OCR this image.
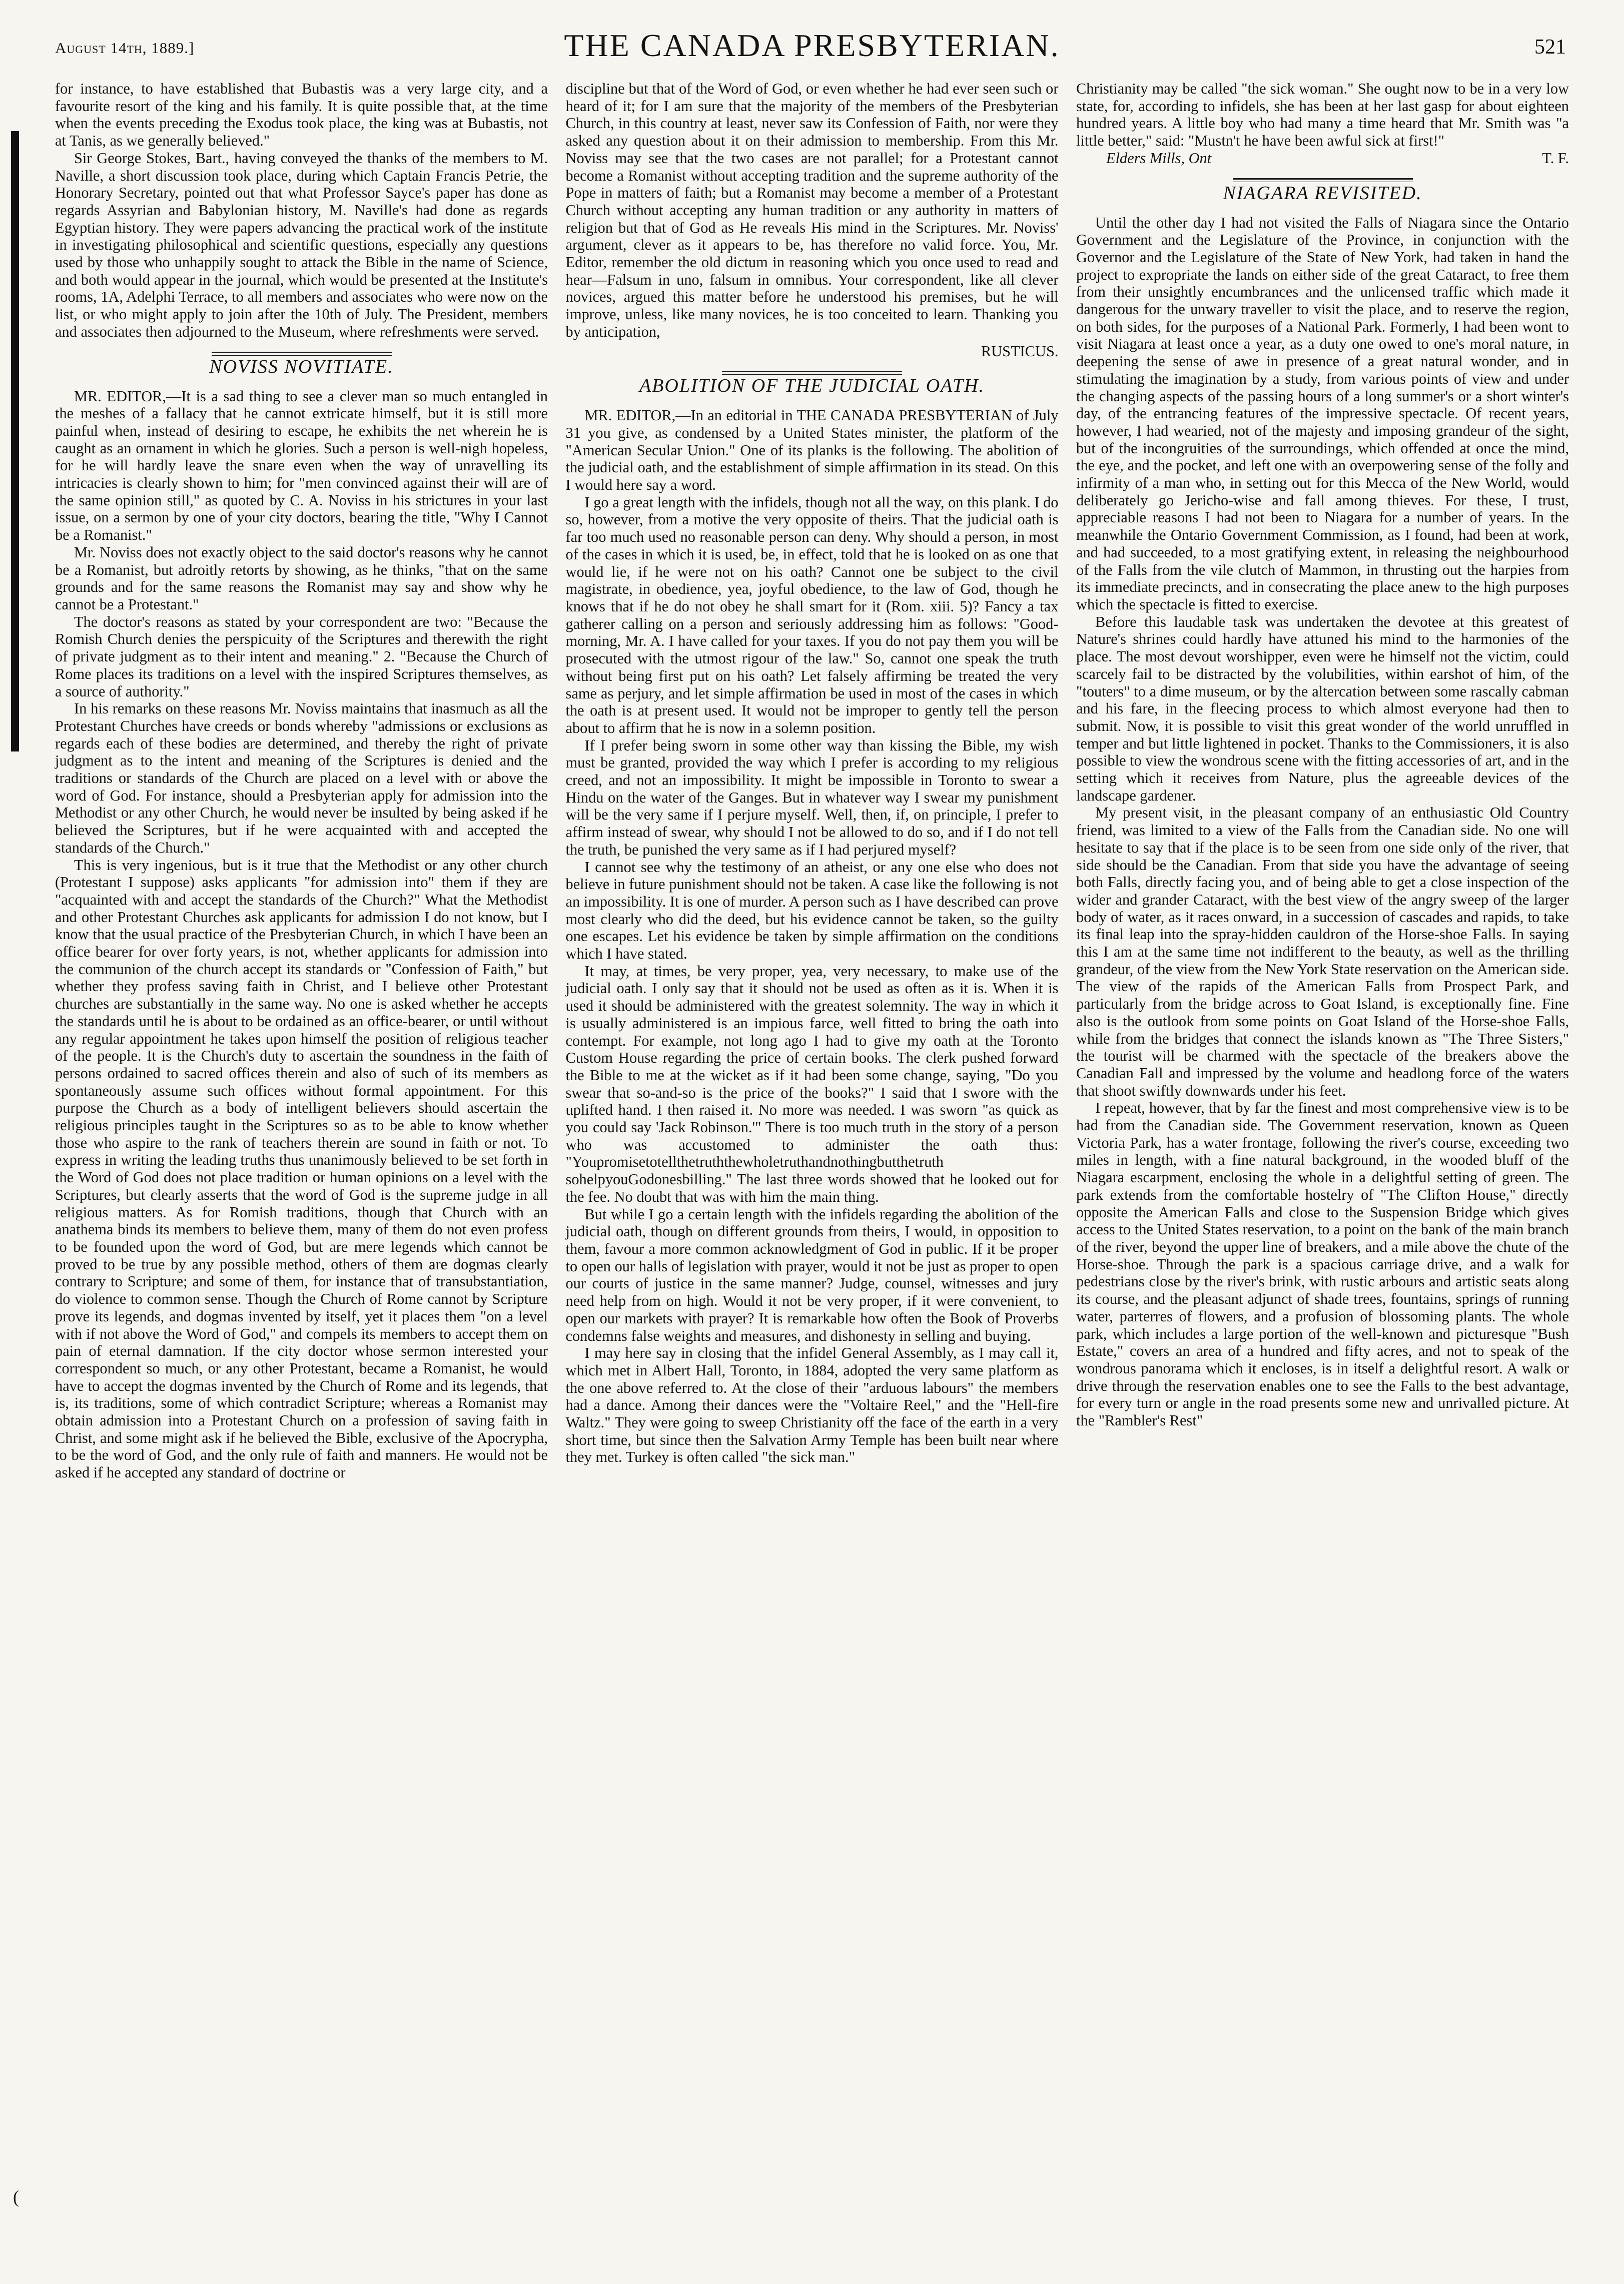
(
August 14th, 1889.]	THE CANADA PRESBYTERIAN.	521

for instance, to have established that Bubastis was a very large city, and a favourite resort of the king and his family. It is quite possible that, at the time when the events preceding the Exodus took place, the king was at Bubastis, not at Tanis, as we generally believed."

Sir George Stokes, Bart., having conveyed the thanks of the members to M. Naville, a short discussion took place, during which Captain Francis Petrie, the Honorary Secretary, pointed out that what Professor Sayce's paper has done as regards Assyrian and Babylonian history, M. Naville's had done as regards Egyptian history. They were papers advancing the practical work of the institute in investigating philosophical and scientific questions, especially any questions used by those who unhappily sought to attack the Bible in the name of Science, and both would appear in the journal, which would be presented at the Institute's rooms, 1A, Adelphi Terrace, to all members and associates who were now on the list, or who might apply to join after the 10th of July. The President, members and associates then adjourned to the Museum, where refreshments were served.

NOVISS NOVITIATE.

MR. EDITOR,—It is a sad thing to see a clever man so much entangled in the meshes of a fallacy that he cannot extricate himself, but it is still more painful when, instead of desiring to escape, he exhibits the net wherein he is caught as an ornament in which he glories. Such a person is well-nigh hopeless, for he will hardly leave the snare even when the way of unravelling its intricacies is clearly shown to him; for "men convinced against their will are of the same opinion still," as quoted by C. A. Noviss in his strictures in your last issue, on a sermon by one of your city doctors, bearing the title, "Why I Cannot be a Romanist."

Mr. Noviss does not exactly object to the said doctor's reasons why he cannot be a Romanist, but adroitly retorts by showing, as he thinks, "that on the same grounds and for the same reasons the Romanist may say and show why he cannot be a Protestant."

The doctor's reasons as stated by your correspondent are two: "Because the Romish Church denies the perspicuity of the Scriptures and therewith the right of private judgment as to their intent and meaning." 2. "Because the Church of Rome places its traditions on a level with the inspired Scriptures themselves, as a source of authority."

In his remarks on these reasons Mr. Noviss maintains that inasmuch as all the Protestant Churches have creeds or bonds whereby "admissions or exclusions as regards each of these bodies are determined, and thereby the right of private judgment as to the intent and meaning of the Scriptures is denied and the traditions or standards of the Church are placed on a level with or above the word of God. For instance, should a Presbyterian apply for admission into the Methodist or any other Church, he would never be insulted by being asked if he believed the Scriptures, but if he were acquainted with and accepted the standards of the Church."

This is very ingenious, but is it true that the Methodist or any other church (Protestant I suppose) asks applicants "for admission into" them if they are "acquainted with and accept the standards of the Church?" What the Methodist and other Protestant Churches ask applicants for admission I do not know, but I know that the usual practice of the Presbyterian Church, in which I have been an office bearer for over forty years, is not, whether applicants for admission into the communion of the church accept its standards or "Confession of Faith," but whether they profess saving faith in Christ, and I believe other Protestant churches are substantially in the same way. No one is asked whether he accepts the standards until he is about to be ordained as an office-bearer, or until without any regular appointment he takes upon himself the position of religious teacher of the people. It is the Church's duty to ascertain the soundness in the faith of persons ordained to sacred offices therein and also of such of its members as spontaneously assume such offices without formal appointment. For this purpose the Church as a body of intelligent believers should ascertain the religious principles taught in the Scriptures so as to be able to know whether those who aspire to the rank of teachers therein are sound in faith or not. To express in writing the leading truths thus unanimously believed to be set forth in the Word of God does not place tradition or human opinions on a level with the Scriptures, but clearly asserts that the word of God is the supreme judge in all religious matters. As for Romish traditions, though that Church with an anathema binds its members to believe them, many of them do not even profess to be founded upon the word of God, but are mere legends which cannot be proved to be true by any possible method, others of them are dogmas clearly contrary to Scripture; and some of them, for instance that of transubstantiation, do violence to common sense. Though the Church of Rome cannot by Scripture prove its legends, and dogmas invented by itself, yet it places them "on a level with if not above the Word of God," and compels its members to accept them on pain of eternal damnation. If the city doctor whose sermon interested your correspondent so much, or any other Protestant, became a Romanist, he would have to accept the dogmas invented by the Church of Rome and its legends, that is, its traditions, some of which contradict Scripture; whereas a Romanist may obtain admission into a Protestant Church on a profession of saving faith in Christ, and some might ask if he believed the Bible, exclusive of the Apocrypha, to be the word of God, and the only rule of faith and manners. He would not be asked if he accepted any standard of doctrine or

discipline but that of the Word of God, or even whether he had ever seen such or heard of it; for I am sure that the majority of the members of the Presbyterian Church, in this country at least, never saw its Confession of Faith, nor were they asked any question about it on their admission to membership. From this Mr. Noviss may see that the two cases are not parallel; for a Protestant cannot become a Romanist without accepting tradition and the supreme authority of the Pope in matters of faith; but a Romanist may become a member of a Protestant Church without accepting any human tradition or any authority in matters of religion but that of God as He reveals His mind in the Scriptures. Mr. Noviss' argument, clever as it appears to be, has therefore no valid force. You, Mr. Editor, remember the old dictum in reasoning which you once used to read and hear—Falsum in uno, falsum in omnibus. Your correspondent, like all clever novices, argued this matter before he understood his premises, but he will improve, unless, like many novices, he is too conceited to learn. Thanking you by anticipation,

RUSTICUS.
ABOLITION OF THE JUDICIAL OATH.

MR. EDITOR,—In an editorial in THE CANADA PRESBYTERIAN of July 31 you give, as condensed by a United States minister, the platform of the "American Secular Union." One of its planks is the following. The abolition of the judicial oath, and the establishment of simple affirmation in its stead. On this I would here say a word.

I go a great length with the infidels, though not all the way, on this plank. I do so, however, from a motive the very opposite of theirs. That the judicial oath is far too much used no reasonable person can deny. Why should a person, in most of the cases in which it is used, be, in effect, told that he is looked on as one that would lie, if he were not on his oath? Cannot one be subject to the civil magistrate, in obedience, yea, joyful obedience, to the law of God, though he knows that if he do not obey he shall smart for it (Rom. xiii. 5)? Fancy a tax gatherer calling on a person and seriously addressing him as follows: "Good-morning, Mr. A. I have called for your taxes. If you do not pay them you will be prosecuted with the utmost rigour of the law." So, cannot one speak the truth without being first put on his oath? Let falsely affirming be treated the very same as perjury, and let simple affirmation be used in most of the cases in which the oath is at present used. It would not be improper to gently tell the person about to affirm that he is now in a solemn position.

If I prefer being sworn in some other way than kissing the Bible, my wish must be granted, provided the way which I prefer is according to my religious creed, and not an impossibility. It might be impossible in Toronto to swear a Hindu on the water of the Ganges. But in whatever way I swear my punishment will be the very same if I perjure myself. Well, then, if, on principle, I prefer to affirm instead of swear, why should I not be allowed to do so, and if I do not tell the truth, be punished the very same as if I had perjured myself?

I cannot see why the testimony of an atheist, or any one else who does not believe in future punishment should not be taken. A case like the following is not an impossibility. It is one of murder. A person such as I have described can prove most clearly who did the deed, but his evidence cannot be taken, so the guilty one escapes. Let his evidence be taken by simple affirmation on the conditions which I have stated.

It may, at times, be very proper, yea, very necessary, to make use of the judicial oath. I only say that it should not be used as often as it is. When it is used it should be administered with the greatest solemnity. The way in which it is usually administered is an impious farce, well fitted to bring the oath into contempt. For example, not long ago I had to give my oath at the Toronto Custom House regarding the price of certain books. The clerk pushed forward the Bible to me at the wicket as if it had been some change, saying, "Do you swear that so-and-so is the price of the books?" I said that I swore with the uplifted hand. I then raised it. No more was needed. I was sworn "as quick as you could say 'Jack Robinson.'" There is too much truth in the story of a person who was accustomed to administer the oath thus: "Youpromisetotellthetruththewholetruthandnothingbutthetruth sohelpyouGodonesbilling." The last three words showed that he looked out for the fee. No doubt that was with him the main thing.

But while I go a certain length with the infidels regarding the abolition of the judicial oath, though on different grounds from theirs, I would, in opposition to them, favour a more common acknowledgment of God in public. If it be proper to open our halls of legislation with prayer, would it not be just as proper to open our courts of justice in the same manner? Judge, counsel, witnesses and jury need help from on high. Would it not be very proper, if it were convenient, to open our markets with prayer? It is remarkable how often the Book of Proverbs condemns false weights and measures, and dishonesty in selling and buying.

I may here say in closing that the infidel General Assembly, as I may call it, which met in Albert Hall, Toronto, in 1884, adopted the very same platform as the one above referred to. At the close of their "arduous labours" the members had a dance. Among their dances were the "Voltaire Reel," and the "Hell-fire Waltz." They were going to sweep Christianity off the face of the earth in a very short time, but since then the Salvation Army Temple has been built near where they met. Turkey is often called "the sick man."

Christianity may be called "the sick woman." She ought now to be in a very low state, for, according to infidels, she has been at her last gasp for about eighteen hundred years. A little boy who had many a time heard that Mr. Smith was "a little better," said: "Mustn't he have been awful sick at first!"

Elders Mills, Ont	T. F.
NIAGARA REVISITED.

Until the other day I had not visited the Falls of Niagara since the Ontario Government and the Legislature of the Province, in conjunction with the Governor and the Legislature of the State of New York, had taken in hand the project to expropriate the lands on either side of the great Cataract, to free them from their unsightly encumbrances and the unlicensed traffic which made it dangerous for the unwary traveller to visit the place, and to reserve the region, on both sides, for the purposes of a National Park. Formerly, I had been wont to visit Niagara at least once a year, as a duty one owed to one's moral nature, in deepening the sense of awe in presence of a great natural wonder, and in stimulating the imagination by a study, from various points of view and under the changing aspects of the passing hours of a long summer's or a short winter's day, of the entrancing features of the impressive spectacle. Of recent years, however, I had wearied, not of the majesty and imposing grandeur of the sight, but of the incongruities of the surroundings, which offended at once the mind, the eye, and the pocket, and left one with an overpowering sense of the folly and infirmity of a man who, in setting out for this Mecca of the New World, would deliberately go Jericho-wise and fall among thieves. For these, I trust, appreciable reasons I had not been to Niagara for a number of years. In the meanwhile the Ontario Government Commission, as I found, had been at work, and had succeeded, to a most gratifying extent, in releasing the neighbourhood of the Falls from the vile clutch of Mammon, in thrusting out the harpies from its immediate precincts, and in consecrating the place anew to the high purposes which the spectacle is fitted to exercise.

Before this laudable task was undertaken the devotee at this greatest of Nature's shrines could hardly have attuned his mind to the harmonies of the place. The most devout worshipper, even were he himself not the victim, could scarcely fail to be distracted by the volubilities, within earshot of him, of the "touters" to a dime museum, or by the altercation between some rascally cabman and his fare, in the fleecing process to which almost everyone had then to submit. Now, it is possible to visit this great wonder of the world unruffled in temper and but little lightened in pocket. Thanks to the Commissioners, it is also possible to view the wondrous scene with the fitting accessories of art, and in the setting which it receives from Nature, plus the agreeable devices of the landscape gardener.

My present visit, in the pleasant company of an enthusiastic Old Country friend, was limited to a view of the Falls from the Canadian side. No one will hesitate to say that if the place is to be seen from one side only of the river, that side should be the Canadian. From that side you have the advantage of seeing both Falls, directly facing you, and of being able to get a close inspection of the wider and grander Cataract, with the best view of the angry sweep of the larger body of water, as it races onward, in a succession of cascades and rapids, to take its final leap into the spray-hidden cauldron of the Horse-shoe Falls. In saying this I am at the same time not indifferent to the beauty, as well as the thrilling grandeur, of the view from the New York State reservation on the American side. The view of the rapids of the American Falls from Prospect Park, and particularly from the bridge across to Goat Island, is exceptionally fine. Fine also is the outlook from some points on Goat Island of the Horse-shoe Falls, while from the bridges that connect the islands known as "The Three Sisters," the tourist will be charmed with the spectacle of the breakers above the Canadian Fall and impressed by the volume and headlong force of the waters that shoot swiftly downwards under his feet.

I repeat, however, that by far the finest and most comprehensive view is to be had from the Canadian side. The Government reservation, known as Queen Victoria Park, has a water frontage, following the river's course, exceeding two miles in length, with a fine natural background, in the wooded bluff of the Niagara escarpment, enclosing the whole in a delightful setting of green. The park extends from the comfortable hostelry of "The Clifton House," directly opposite the American Falls and close to the Suspension Bridge which gives access to the United States reservation, to a point on the bank of the main branch of the river, beyond the upper line of breakers, and a mile above the chute of the Horse-shoe. Through the park is a spacious carriage drive, and a walk for pedestrians close by the river's brink, with rustic arbours and artistic seats along its course, and the pleasant adjunct of shade trees, fountains, springs of running water, parterres of flowers, and a profusion of blossoming plants. The whole park, which includes a large portion of the well-known and picturesque "Bush Estate," covers an area of a hundred and fifty acres, and not to speak of the wondrous panorama which it encloses, is in itself a delightful resort. A walk or drive through the reservation enables one to see the Falls to the best advantage, for every turn or angle in the road presents some new and unrivalled picture. At the "Rambler's Rest"
